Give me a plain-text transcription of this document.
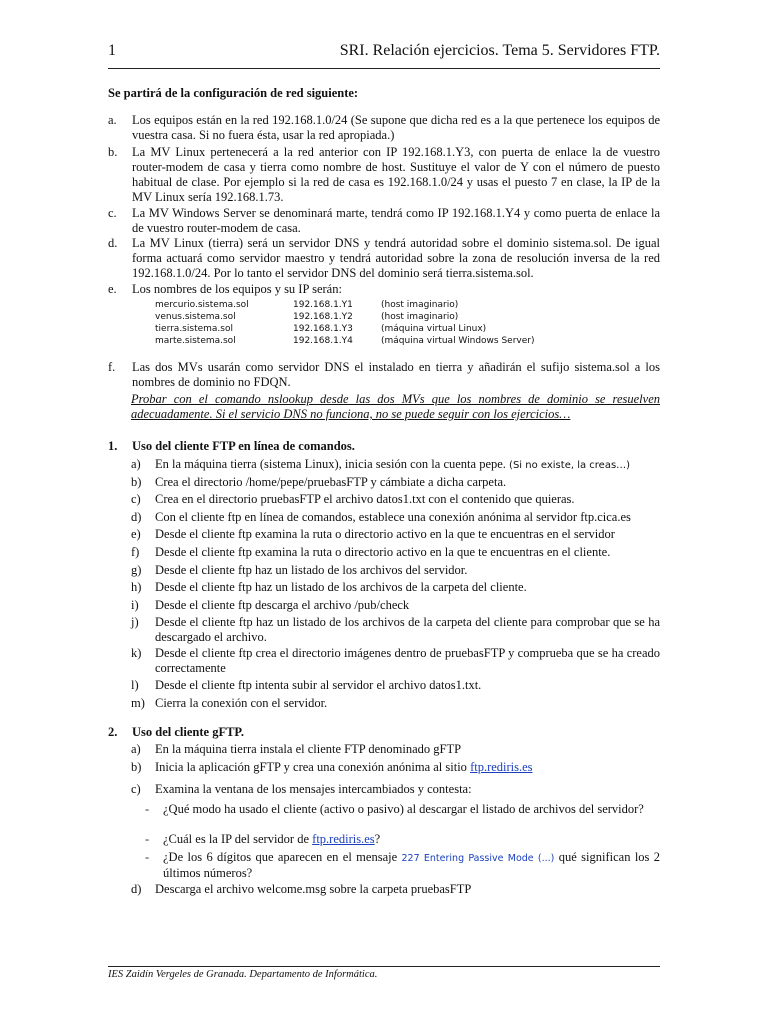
1	SRI. Relación ejercicios. Tema 5. Servidores FTP.
Se partirá de la configuración de red siguiente:
a. Los equipos están en la red 192.168.1.0/24 (Se supone que dicha red es a la que pertenece los equipos de vuestra casa. Si no fuera ésta, usar la red apropiada.)
b. La MV Linux pertenecerá a la red anterior con IP 192.168.1.Y3, con puerta de enlace la de vuestro router-modem de casa y tierra como nombre de host. Sustituye el valor de Y con el número de puesto habitual de clase. Por ejemplo si la red de casa es 192.168.1.0/24 y usas el puesto 7 en clase, la IP de la MV Linux sería 192.168.1.73.
c. La MV Windows Server se denominará marte, tendrá como IP 192.168.1.Y4 y como puerta de enlace la de vuestro router-modem de casa.
d. La MV Linux (tierra) será un servidor DNS y tendrá autoridad sobre el dominio sistema.sol. De igual forma actuará como servidor maestro y tendrá autoridad sobre la zona de resolución inversa de la red 192.168.1.0/24. Por lo tanto el servidor DNS del dominio será tierra.sistema.sol.
e. Los nombres de los equipos y su IP serán:
mercurio.sistema.sol	192.168.1.Y1	(host imaginario)
venus.sistema.sol	192.168.1.Y2	(host imaginario)
tierra.sistema.sol	192.168.1.Y3	(máquina virtual Linux)
marte.sistema.sol	192.168.1.Y4	(máquina virtual Windows Server)
f. Las dos MVs usarán como servidor DNS el instalado en tierra y añadirán el sufijo sistema.sol a los nombres de dominio no FDQN.
Probar con el comando nslookup desde las dos MVs que los nombres de dominio se resuelven adecuadamente. Si el servicio DNS no funciona, no se puede seguir con los ejercicios…
1. Uso del cliente FTP en línea de comandos.
a) En la máquina tierra (sistema Linux), inicia sesión con la cuenta pepe. (Si no existe, la creas…)
b) Crea el directorio /home/pepe/pruebasFTP y cámbiate a dicha carpeta.
c) Crea en el directorio pruebasFTP el archivo datos1.txt con el contenido que quieras.
d) Con el cliente ftp en línea de comandos, establece una conexión anónima al servidor ftp.cica.es
e) Desde el cliente ftp examina la ruta o directorio activo en la que te encuentras en el servidor
f) Desde el cliente ftp examina la ruta o directorio activo en la que te encuentras en el cliente.
g) Desde el cliente ftp haz un listado de los archivos del servidor.
h) Desde el cliente ftp haz un listado de los archivos de la carpeta del cliente.
i) Desde el cliente ftp descarga el archivo /pub/check
j) Desde el cliente ftp haz un listado de los archivos de la carpeta del cliente para comprobar que se ha descargado el archivo.
k) Desde el cliente ftp crea el directorio imágenes dentro de pruebasFTP y comprueba que se ha creado correctamente
l) Desde el cliente ftp intenta subir al servidor el archivo datos1.txt.
m) Cierra la conexión con el servidor.
2. Uso del cliente gFTP.
a) En la máquina tierra instala el cliente FTP denominado gFTP
b) Inicia la aplicación gFTP y crea una conexión anónima al sitio ftp.rediris.es
c) Examina la ventana de los mensajes intercambiados y contesta:
- ¿Qué modo ha usado el cliente (activo o pasivo) al descargar el listado de archivos del servidor?
- ¿Cuál es la IP del servidor de ftp.rediris.es?
- ¿De los 6 dígitos que aparecen en el mensaje 227 Entering Passive Mode (...) qué significan los 2 últimos números?
d) Descarga el archivo welcome.msg sobre la carpeta pruebasFTP
IES Zaidín Vergeles de Granada. Departamento de Informática.
